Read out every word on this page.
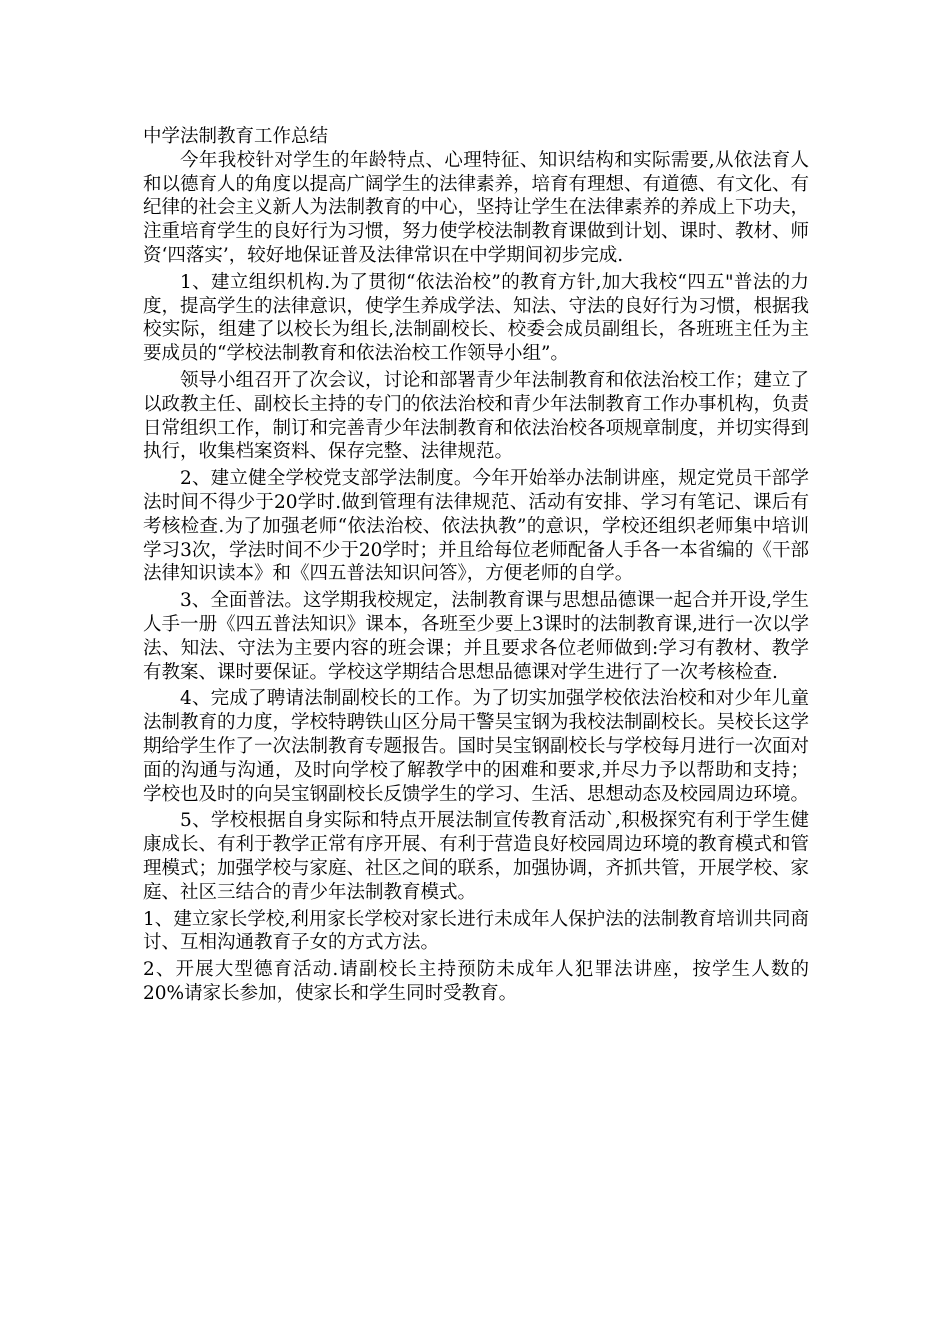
中学法制教育工作总结

今年我校针对学生的年龄特点、心理特征、知识结构和实际需要,从依法育人和以德育人的角度以提高广阔学生的法律素养，培育有理想、有道德、有文化、有纪律的社会主义新人为法制教育的中心，坚持让学生在法律素养的养成上下功夫，注重培育学生的良好行为习惯，努力使学校法制教育课做到计划、课时、教材、师资‘四落实’，较好地保证普及法律常识在中学期间初步完成.

1、建立组织机构.为了贯彻“依法治校”的教育方针,加大我校“四五"普法的力度，提高学生的法律意识，使学生养成学法、知法、守法的良好行为习惯，根据我校实际，组建了以校长为组长,法制副校长、校委会成员副组长，各班班主任为主要成员的“学校法制教育和依法治校工作领导小组”。

领导小组召开了次会议，讨论和部署青少年法制教育和依法治校工作；建立了以政教主任、副校长主持的专门的依法治校和青少年法制教育工作办事机构，负责日常组织工作，制订和完善青少年法制教育和依法治校各项规章制度，并切实得到执行，收集档案资料、保存完整、法律规范。

2、建立健全学校党支部学法制度。今年开始举办法制讲座，规定党员干部学法时间不得少于20学时.做到管理有法律规范、活动有安排、学习有笔记、课后有考核检查.为了加强老师“依法治校、依法执教”的意识，学校还组织老师集中培训学习3次，学法时间不少于20学时；并且给每位老师配备人手各一本省编的《干部法律知识读本》和《四五普法知识问答》，方便老师的自学。

3、全面普法。这学期我校规定，法制教育课与思想品德课一起合并开设,学生人手一册《四五普法知识》课本，各班至少要上3课时的法制教育课,进行一次以学法、知法、守法为主要内容的班会课；并且要求各位老师做到:学习有教材、教学有教案、课时要保证。学校这学期结合思想品德课对学生进行了一次考核检查.

4、完成了聘请法制副校长的工作。为了切实加强学校依法治校和对少年儿童法制教育的力度，学校特聘铁山区分局干警吴宝钢为我校法制副校长。吴校长这学期给学生作了一次法制教育专题报告。国时吴宝钢副校长与学校每月进行一次面对面的沟通与沟通，及时向学校了解教学中的困难和要求,并尽力予以帮助和支持；学校也及时的向吴宝钢副校长反馈学生的学习、生活、思想动态及校园周边环境。

5、学校根据自身实际和特点开展法制宣传教育活动`,积极探究有利于学生健康成长、有利于教学正常有序开展、有利于营造良好校园周边环境的教育模式和管理模式；加强学校与家庭、社区之间的联系，加强协调，齐抓共管，开展学校、家庭、社区三结合的青少年法制教育模式。

1、建立家长学校,利用家长学校对家长进行未成年人保护法的法制教育培训共同商讨、互相沟通教育子女的方式方法。

2、开展大型德育活动.请副校长主持预防未成年人犯罪法讲座，按学生人数的20%请家长参加，使家长和学生同时受教育。
